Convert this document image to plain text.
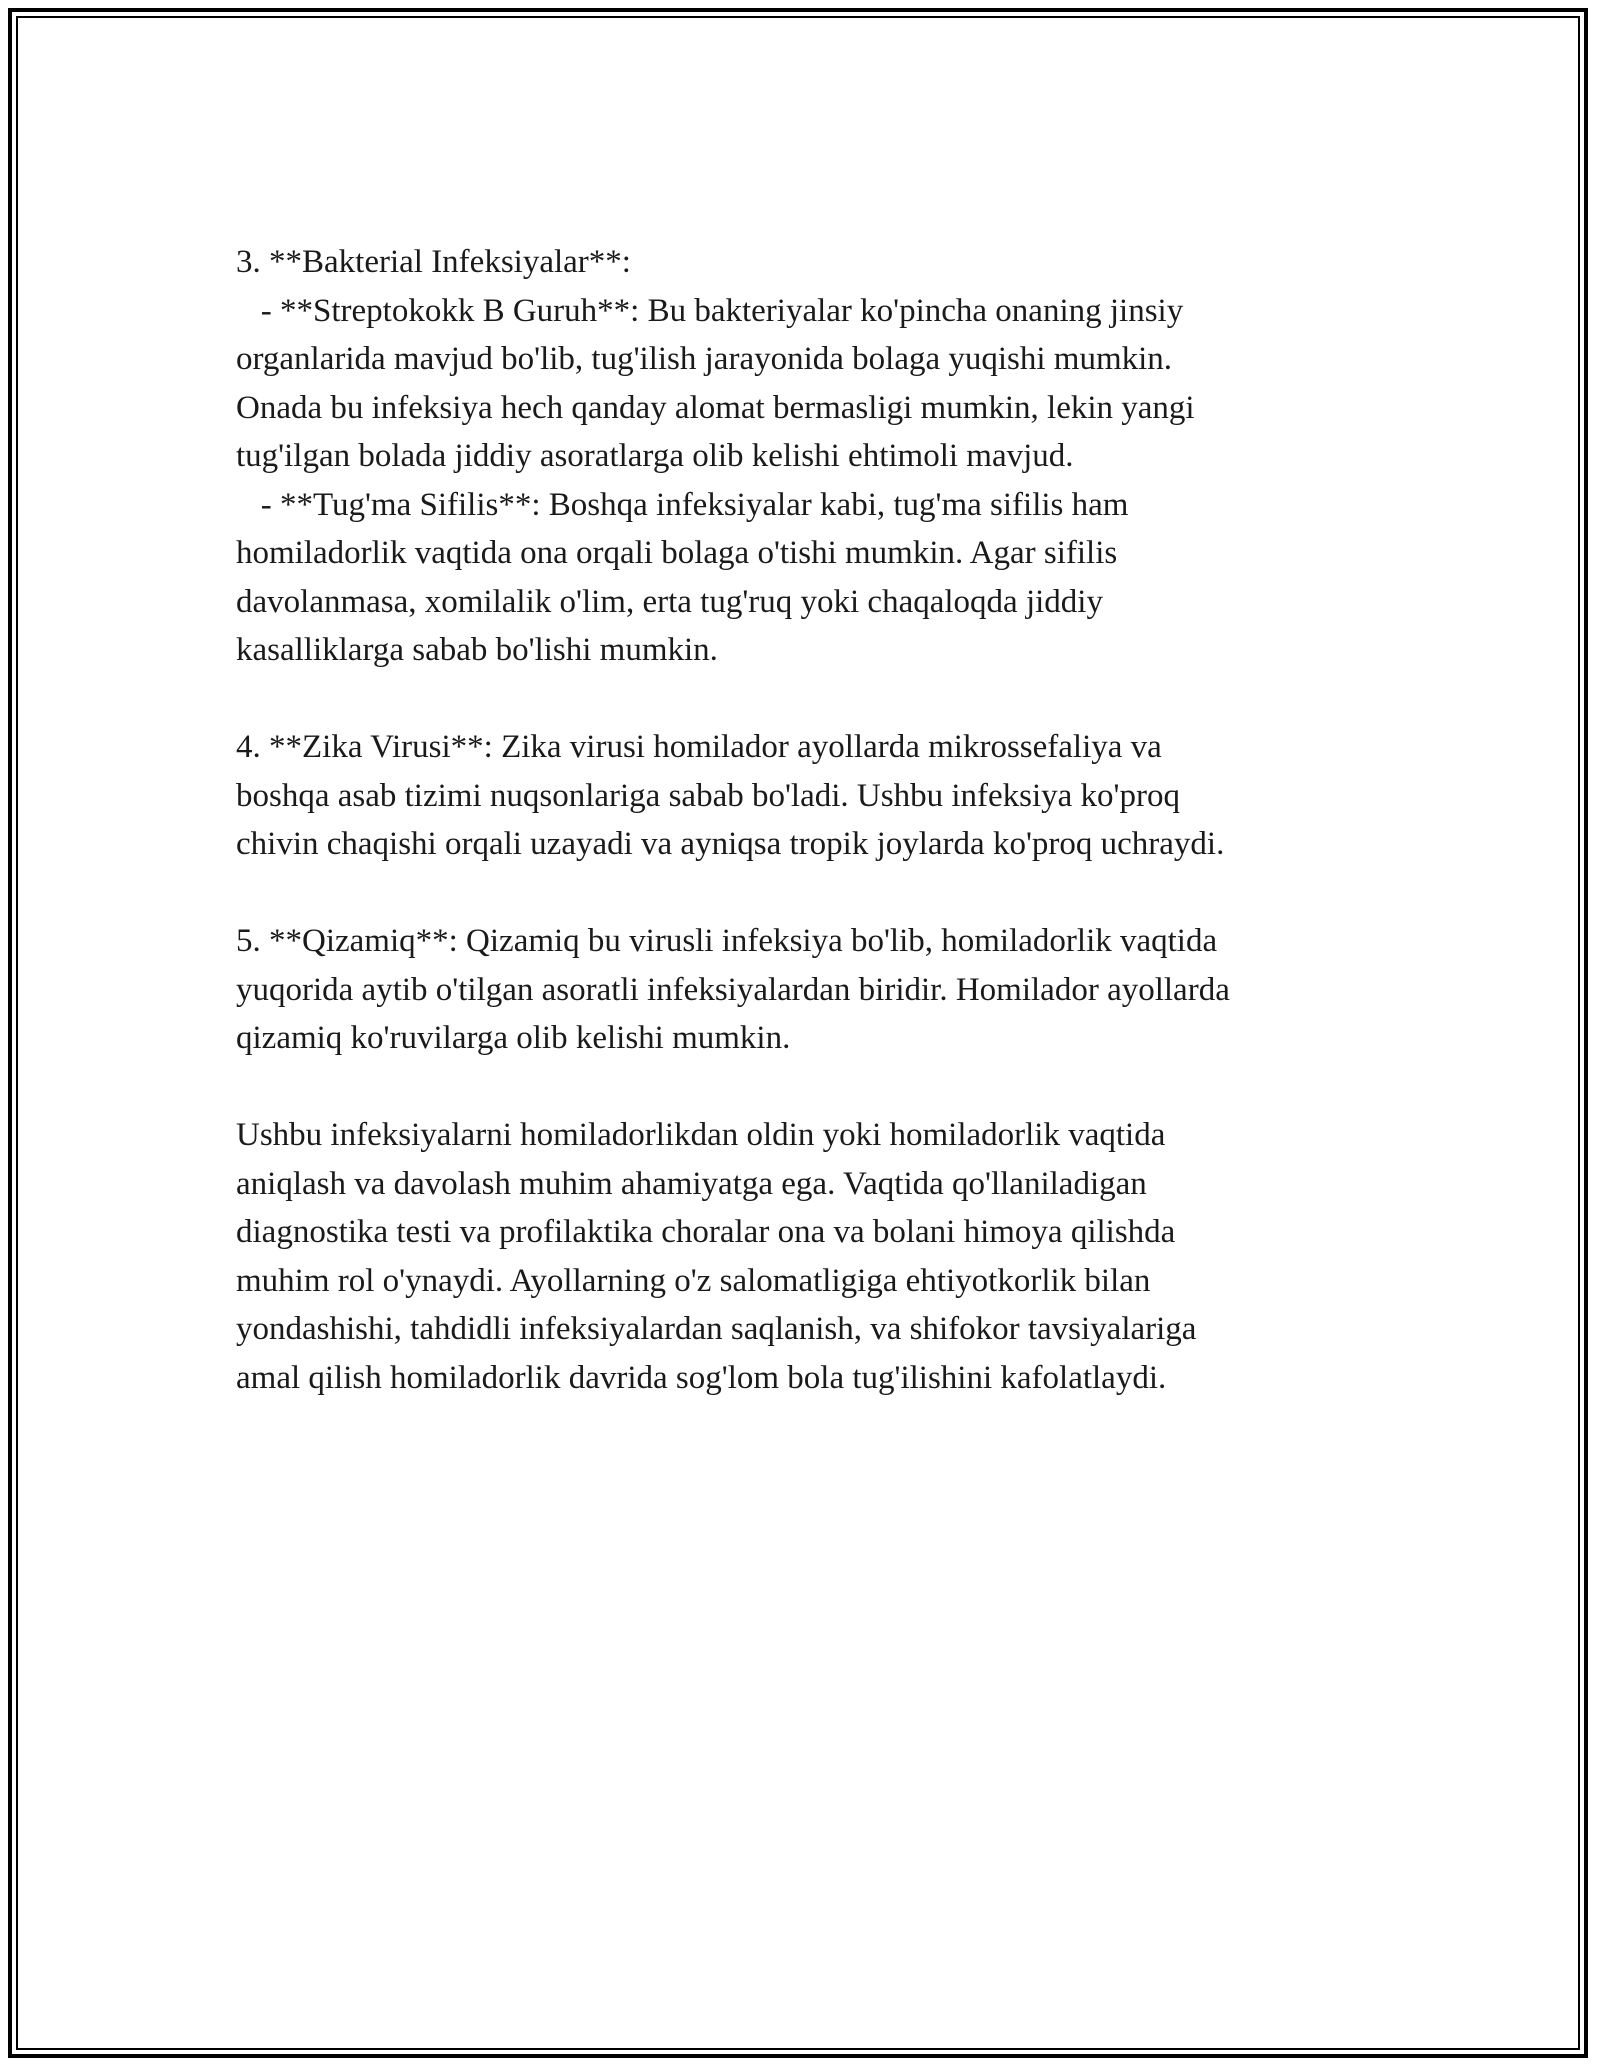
3. **Bakterial Infeksiyalar**:
- **Streptokokk B Guruh**: Bu bakteriyalar ko'pincha onaning jinsiy
organlarida mavjud bo'lib, tug'ilish jarayonida bolaga yuqishi mumkin.
Onada bu infeksiya hech qanday alomat bermasligi mumkin, lekin yangi
tug'ilgan bolada jiddiy asoratlarga olib kelishi ehtimoli mavjud.
- **Tug'ma Sifilis**: Boshqa infeksiyalar kabi, tug'ma sifilis ham
homiladorlik vaqtida ona orqali bolaga o'tishi mumkin. Agar sifilis
davolanmasa, xomilalik o'lim, erta tug'ruq yoki chaqaloqda jiddiy
kasalliklarga sabab bo'lishi mumkin.
4. **Zika Virusi**: Zika virusi homilador ayollarda mikrossefaliya va
boshqa asab tizimi nuqsonlariga sabab bo'ladi. Ushbu infeksiya ko'proq
chivin chaqishi orqali uzayadi va ayniqsa tropik joylarda ko'proq uchraydi.
5. **Qizamiq**: Qizamiq bu virusli infeksiya bo'lib, homiladorlik vaqtida
yuqorida aytib o'tilgan asoratli infeksiyalardan biridir. Homilador ayollarda
qizamiq ko'ruvilarga olib kelishi mumkin.
Ushbu infeksiyalarni homiladorlikdan oldin yoki homiladorlik vaqtida
aniqlash va davolash muhim ahamiyatga ega. Vaqtida qo'llaniladigan
diagnostika testi va profilaktika choralar ona va bolani himoya qilishda
muhim rol o'ynaydi. Ayollarning o'z salomatligiga ehtiyotkorlik bilan
yondashishi, tahdidli infeksiyalardan saqlanish, va shifokor tavsiyalariga
amal qilish homiladorlik davrida sog'lom bola tug'ilishini kafolatlaydi.
